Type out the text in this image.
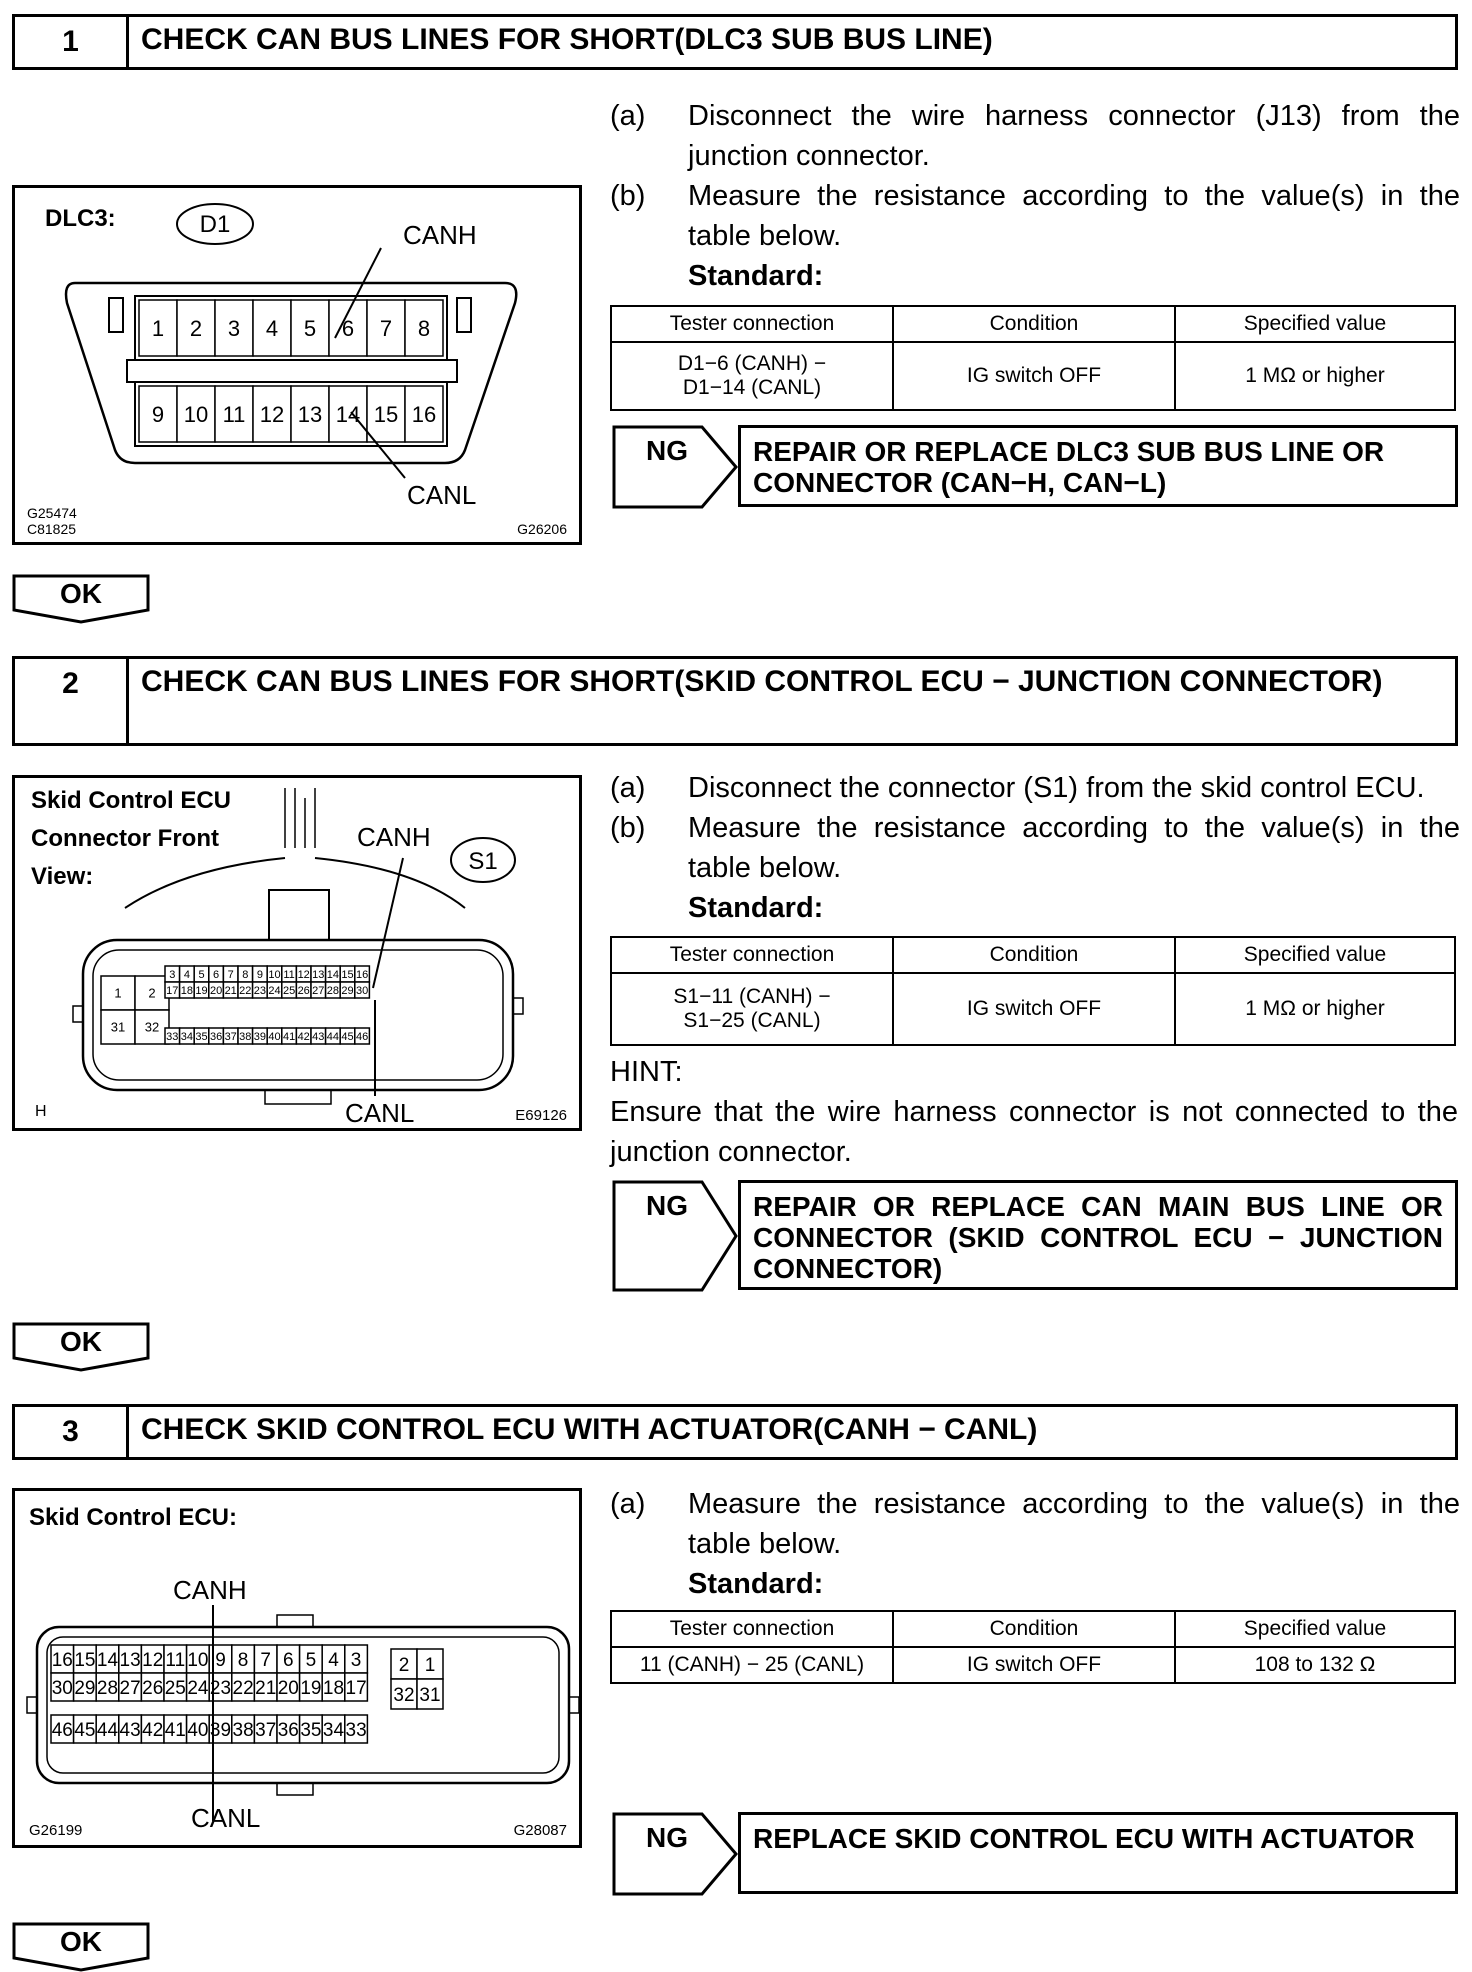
1	CHECK CAN BUS LINES FOR SHORT(DLC3 SUB BUS LINE)
DLC3:	D1	CANH
1 2 3 4 5 6 7 8
9 10 11 12 13 14 15 16
CANL
G25474
C81825	G26206
(a) Disconnect the wire harness connector (J13) from the junction connector.
(b) Measure the resistance according to the value(s) in the table below.
Standard:
Tester connection	Condition	Specified value

D1−6 (CANH) −
D1−14 (CANL)	IG switch OFF	1 MΩ or higher
NG	REPAIR OR REPLACE DLC3 SUB BUS LINE OR CONNECTOR (CAN−H, CAN−L)
OK
2	CHECK CAN BUS LINES FOR SHORT(SKID CONTROL ECU − JUNCTION CONNECTOR)
Skid Control ECU
Connector Front
View:
CANH
S1
1 2
31 32
3 4 5 6 7 8 9 10 11 12 13 14 15 16
17 18 19 20 21 22 23 24 25 26 27 28 29 30
33 34 35 36 37 38 39 40 41 42 43 44 45 46
CANL
H	E69126
(a) Disconnect the connector (S1) from the skid control ECU.
(b) Measure the resistance according to the value(s) in the table below.
Standard:
Tester connection	Condition	Specified value

S1−11 (CANH) −
S1−25 (CANL)	IG switch OFF	1 MΩ or higher
HINT:
Ensure that the wire harness connector is not connected to the junction connector.
NG	REPAIR OR REPLACE CAN MAIN BUS LINE OR CONNECTOR (SKID CONTROL ECU − JUNCTION CONNECTOR)
OK
3	CHECK SKID CONTROL ECU WITH ACTUATOR(CANH − CANL)
Skid Control ECU:
CANH
16 15 14 13 12 11 10 9 8 7 6 5 4 3
30 29 28 27 26 25 24 23 22 21 20 19 18 17
46 45 44 43 42 41 40 39 38 37 36 35 34 33
2 1
32 31
CANL
G26199	G28087
(a) Measure the resistance according to the value(s) in the table below.
Standard:
Tester connection	Condition	Specified value
11 (CANH) − 25 (CANL)	IG switch OFF	108 to 132 Ω
NG	REPLACE SKID CONTROL ECU WITH ACTUATOR
OK
